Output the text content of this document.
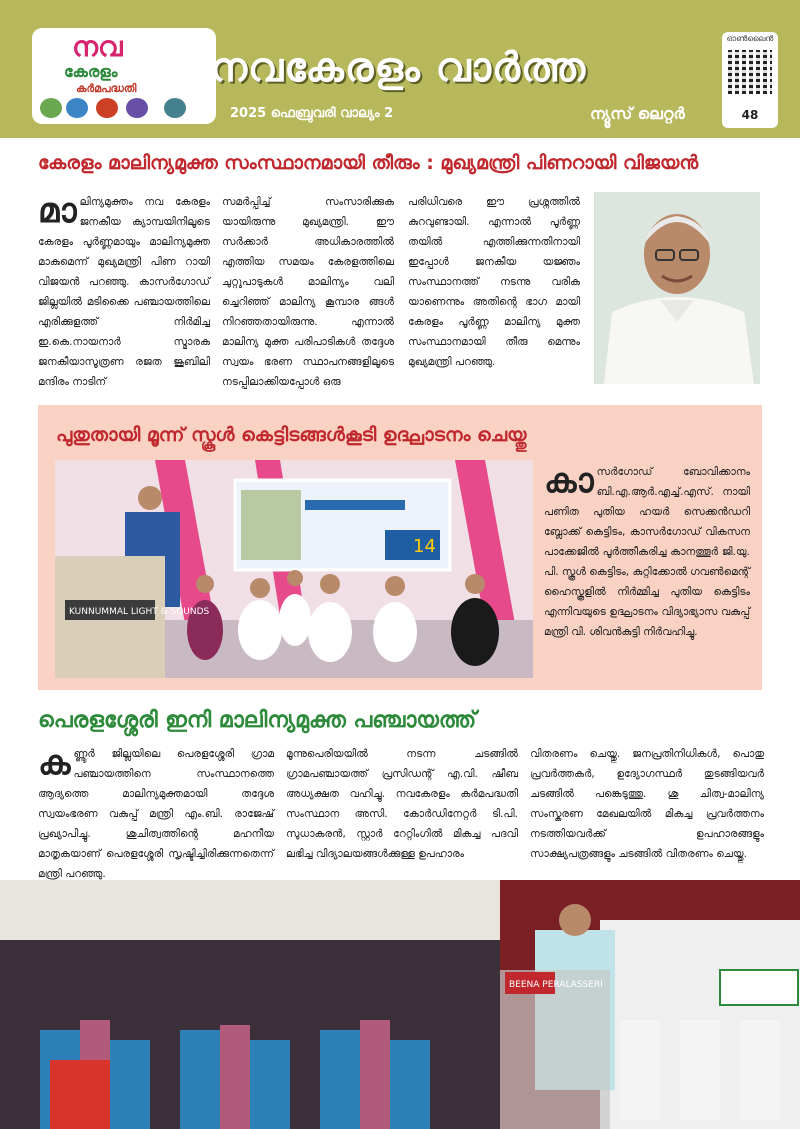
നവ
കേരളം
കർമപദ്ധതി നവകേരളം വാർത്ത
2025 ഫെബ്രുവരി വാല്യം 2	ന്യൂസ് ലെറ്റർ
ഓൺലൈൻ
48
കേരളം മാലിന്യമുക്ത സംസ്ഥാനമായി തീരും : മുഖ്യമന്ത്രി പിണറായി വിജയൻ
മാ ലിന്യമുക്തം നവ കേരളം ജനകീയ ക്യാമ്പയിനിലൂടെ കേരളം പൂർണ്ണമായും മാലിന്യമുക്ത മാകുമെന്ന് മുഖ്യമന്ത്രി പിണ റായി വിജയൻ പറഞ്ഞു. കാസർഗോഡ് ജില്ലയിൽ മടിക്കൈ പഞ്ചായത്തിലെ എരിക്കുളത്ത് നിർമിച്ച ഇ.കെ.നായനാർ സ്മാരക ജനകീയാസൂത്രണ രജത ജൂബിലി മന്ദിരം നാടിന്
സമർപ്പിച്ച് സംസാരിക്കുക യായിരുന്നു മുഖ്യമന്ത്രി. ഈ സർക്കാർ അധികാരത്തിൽ എത്തിയ സമയം കേരളത്തിലെ ചുറ്റുപാടുകൾ മാലിന്യം വലി ച്ചെറിഞ്ഞ് മാലിന്യ കൂമ്പാര ങ്ങൾ നിറഞ്ഞതായിരുന്നു. എന്നാൽ മാലിന്യ മുക്ത പരിപാടികൾ തദ്ദേശ സ്വയം ഭരണ സ്ഥാപനങ്ങളിലൂടെ നടപ്പിലാക്കിയപ്പോൾ ഒരു
പരിധിവരെ ഈ പ്രശ്നത്തിൽ കുറവുണ്ടായി. എന്നാൽ പൂർണ്ണ തയിൽ എത്തിക്കുന്നതിനായി ഇപ്പോൾ ജനകീയ യജ്ഞം സംസ്ഥാനത്ത് നടന്നു വരിക യാണെന്നും അതിന്റെ ഭാഗ മായി കേരളം പൂർണ്ണ മാലിന്യ മുക്ത സംസ്ഥാനമായി തീരു മെന്നും മുഖ്യമന്ത്രി പറഞ്ഞു.
പുതുതായി മൂന്ന് സ്കൂൾ കെട്ടിടങ്ങൾകൂടി ഉദ്ഘാടനം ചെയ്തു
14
KUNNUMMAL LIGHT & SOUNDS
കാ സർഗോഡ് ബോവിക്കാനം ബി.എ.ആർ.എച്ച്.എസ്. നായി പണിത പുതിയ ഹയർ സെക്കൻഡറി ബ്ലോക്ക് കെട്ടിടം, കാസർഗോഡ് വികസന പാക്കേജിൽ പൂർത്തീകരിച്ച കാനത്തൂർ ജി.യു. പി. സ്കൂൾ കെട്ടിടം, കുറ്റിക്കോൽ ഗവൺമെന്റ് ഹൈസ്കൂളിൽ നിർമ്മിച്ച പുതിയ കെട്ടിടം എന്നിവയുടെ ഉദ്ഘാടനം വിദ്യാഭ്യാസ വകുപ്പ് മന്ത്രി വി. ശിവൻകുട്ടി നിർവഹിച്ചു.
പെരളശ്ശേരി ഇനി മാലിന്യമുക്ത പഞ്ചായത്ത്
ക ണ്ണൂർ ജില്ലയിലെ പെരളശ്ശേരി ഗ്രാമ പഞ്ചായത്തിനെ സംസ്ഥാനത്തെ ആദ്യത്തെ മാലിന്യമുക്തമായി തദ്ദേശ സ്വയംഭരണ വകുപ്പ് മന്ത്രി എം.ബി. രാജേഷ് പ്രഖ്യാപിച്ചു. ശുചിത്വത്തിന്റെ മഹനീയ മാതൃകയാണ് പെരളശ്ശേരി സൃഷ്ടിച്ചിരിക്കുന്നതെന്ന് മന്ത്രി പറഞ്ഞു.
മൂന്നുപെരിയയിൽ നടന്ന ചടങ്ങിൽ ഗ്രാമപഞ്ചായത്ത് പ്രസിഡന്റ് എ.വി. ഷീബ അധ്യക്ഷത വഹിച്ചു. നവകേരളം കർമപദ്ധതി സംസ്ഥാന അസി. കോർഡിനേറ്റർ ടി.പി. സുധാകരൻ, സ്റ്റാർ റേറ്റിംഗിൽ മികച്ച പദവി ലഭിച്ച വിദ്യാലയങ്ങൾക്കുള്ള ഉപഹാരം
വിതരണം ചെയ്തു. ജനപ്രതിനിധികൾ, പൊതു പ്രവർത്തകർ, ഉദ്യോഗസ്ഥർ തുടങ്ങിയവർ ചടങ്ങിൽ പങ്കെടുത്തു. ശു ചിത്വ-മാലിന്യ സംസ്കരണ മേഖലയിൽ മികച്ച പ്രവർത്തനം നടത്തിയവർക്ക് ഉപഹാരങ്ങളും സാക്ഷ്യപത്രങ്ങളും ചടങ്ങിൽ വിതരണം ചെയ്തു.
BEENA PERALASSERI
